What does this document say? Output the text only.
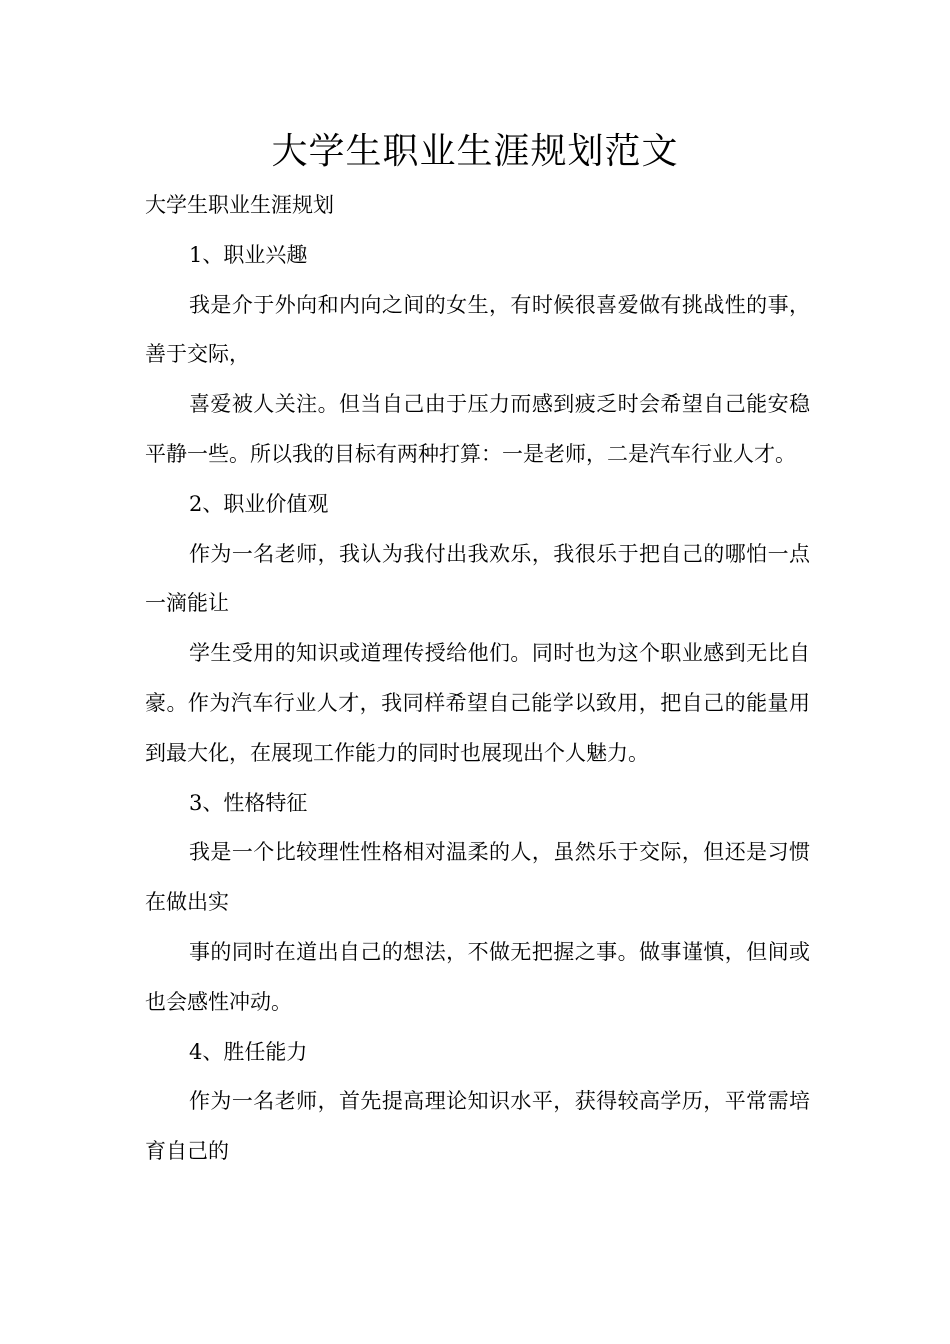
大学生职业生涯规划范文

大学生职业生涯规划

1、职业兴趣

我是介于外向和内向之间的女生，有时候很喜爱做有挑战性的事，善于交际，

喜爱被人关注。但当自己由于压力而感到疲乏时会希望自己能安稳平静一些。所以我的目标有两种打算：一是老师，二是汽车行业人才。

2、职业价值观

作为一名老师，我认为我付出我欢乐，我很乐于把自己的哪怕一点一滴能让

学生受用的知识或道理传授给他们。同时也为这个职业感到无比自豪。作为汽车行业人才，我同样希望自己能学以致用，把自己的能量用到最大化，在展现工作能力的同时也展现出个人魅力。

3、性格特征

我是一个比较理性性格相对温柔的人，虽然乐于交际，但还是习惯在做出实

事的同时在道出自己的想法，不做无把握之事。做事谨慎，但间或也会感性冲动。

4、胜任能力

作为一名老师，首先提高理论知识水平，获得较高学历，平常需培育自己的
